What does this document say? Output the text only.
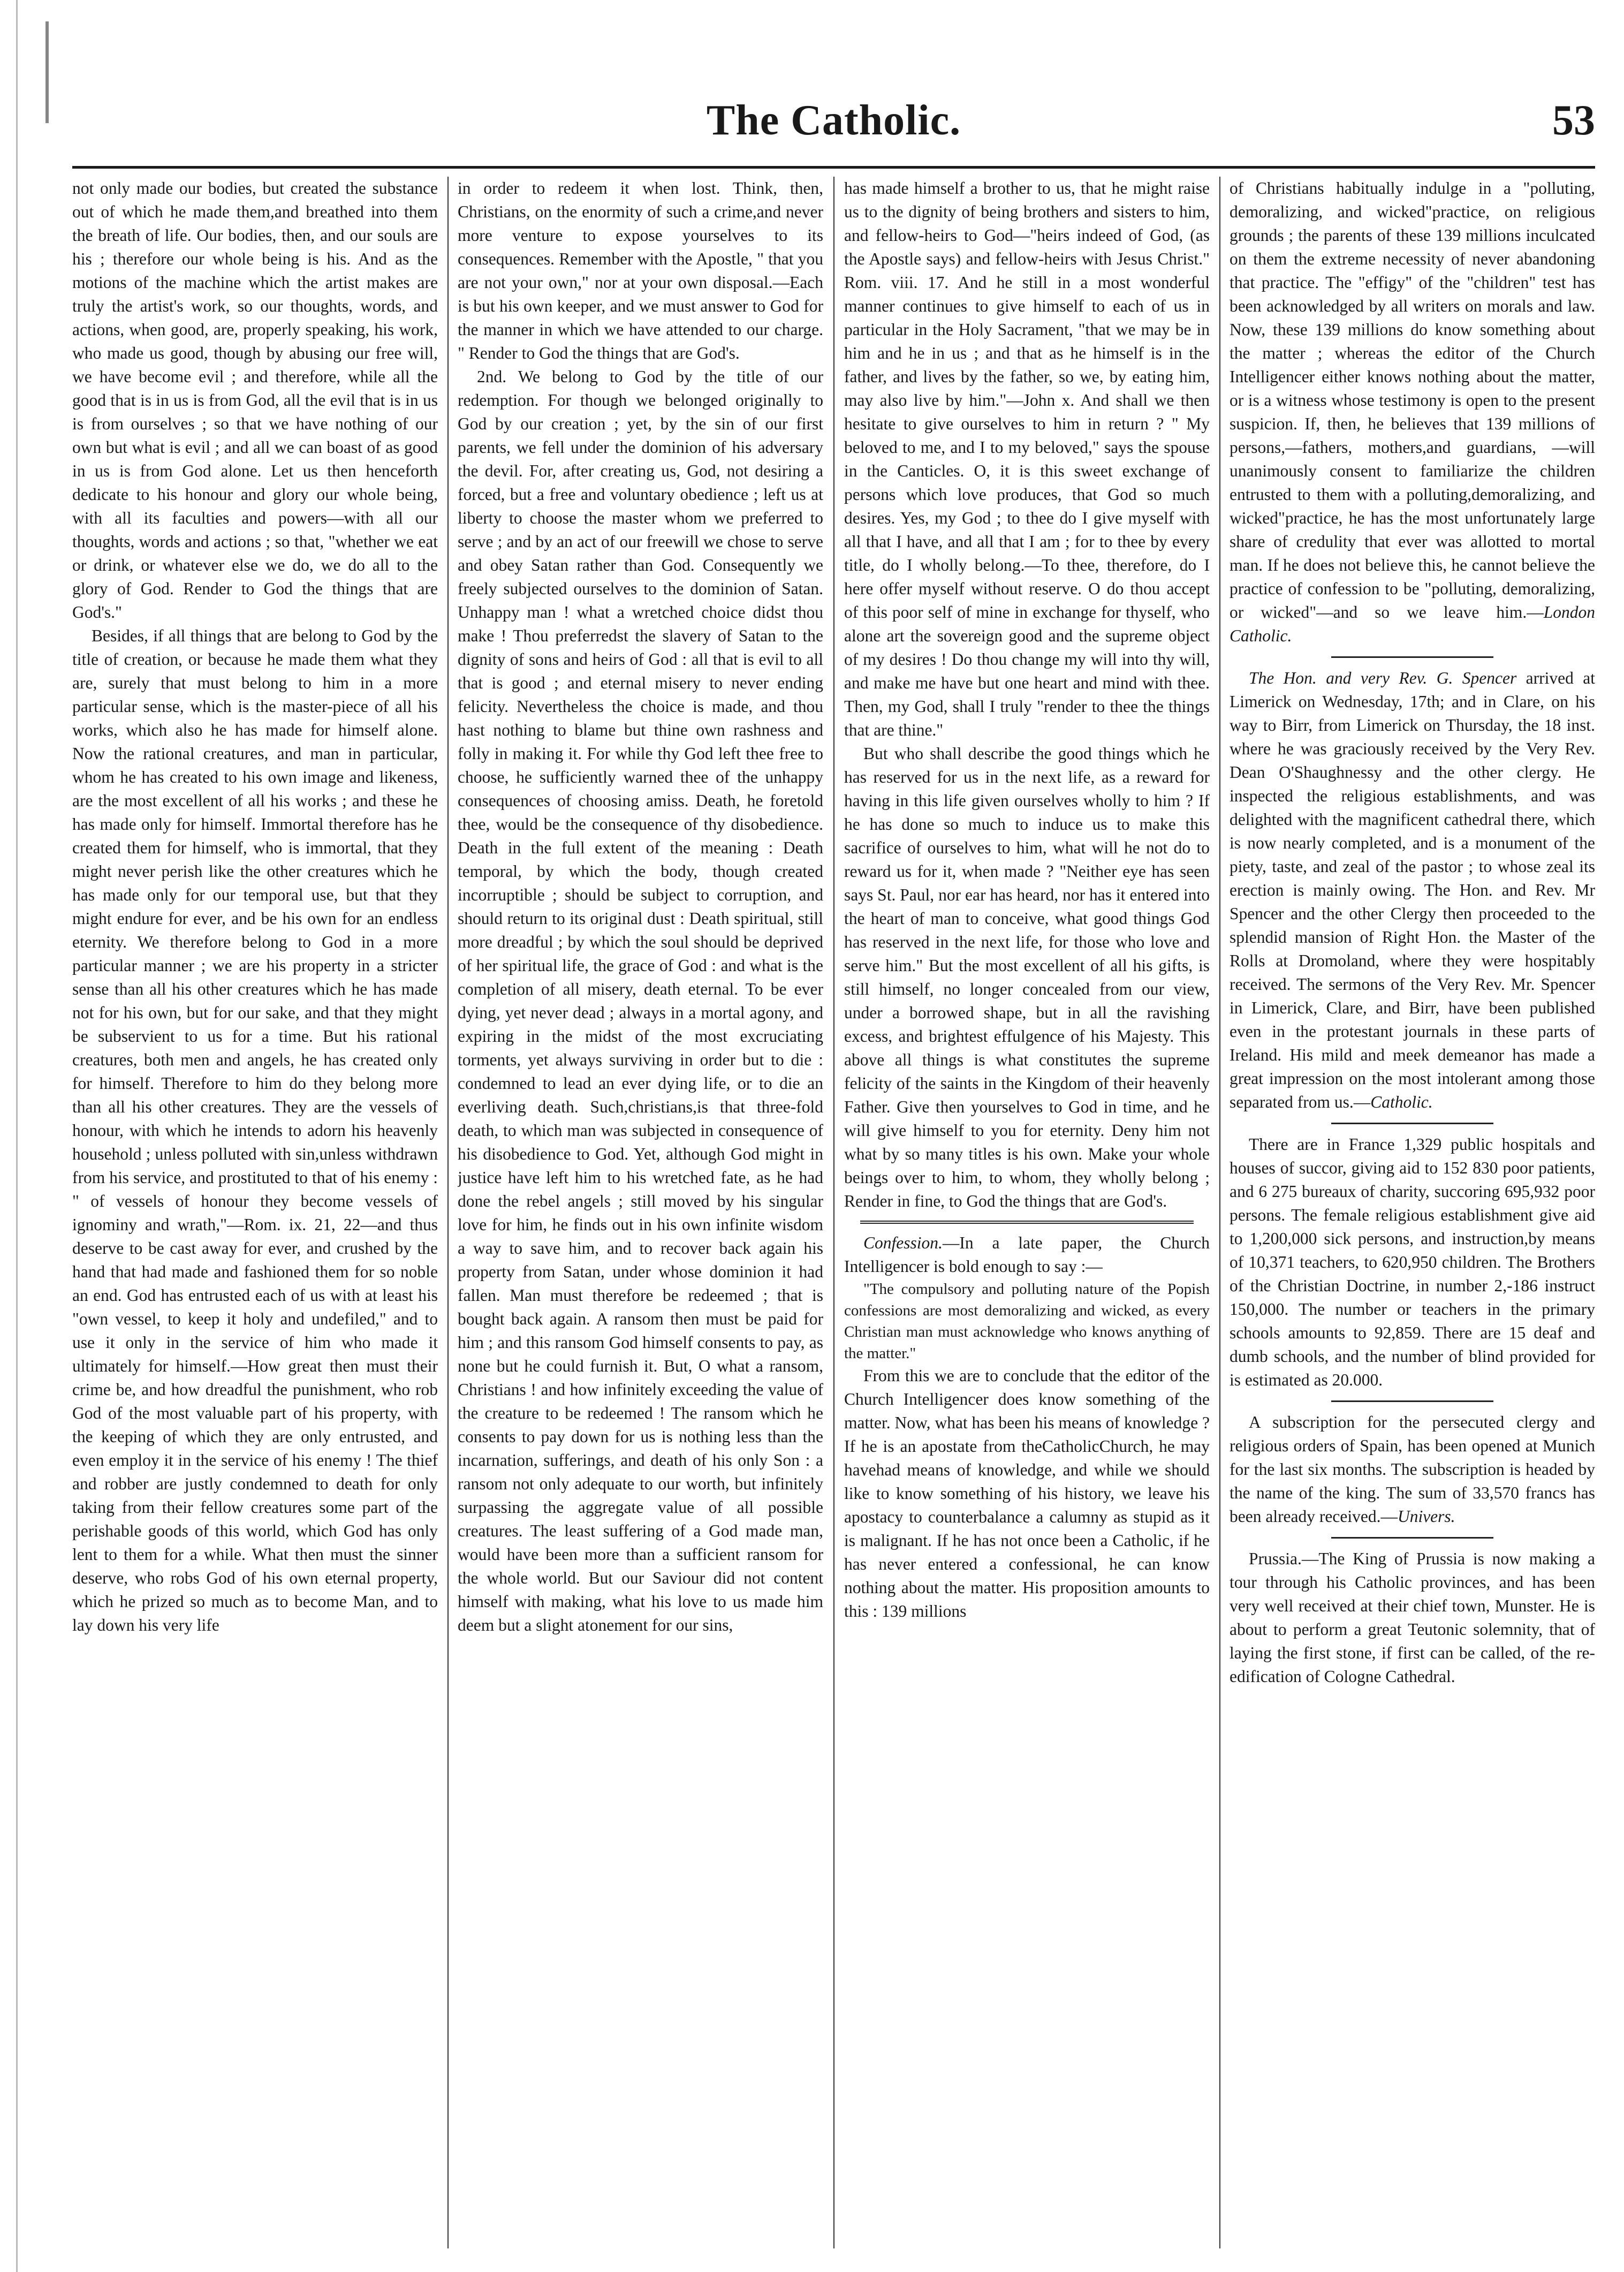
The Catholic.	53

not only made our bodies, but created the substance out of which he made them,and breathed into them the breath of life. Our bodies, then, and our souls are his ; therefore our whole being is his. And as the motions of the machine which the artist makes are truly the artist's work, so our thoughts, words, and actions, when good, are, properly speaking, his work, who made us good, though by abusing our free will, we have become evil ; and therefore, while all the good that is in us is from God, all the evil that is in us is from ourselves ; so that we have nothing of our own but what is evil ; and all we can boast of as good in us is from God alone. Let us then henceforth dedicate to his honour and glory our whole being, with all its faculties and powers—with all our thoughts, words and actions ; so that, "whether we eat or drink, or whatever else we do, we do all to the glory of God. Render to God the things that are God's."

Besides, if all things that are belong to God by the title of creation, or because he made them what they are, surely that must belong to him in a more particular sense, which is the master-piece of all his works, which also he has made for himself alone. Now the rational creatures, and man in particular, whom he has created to his own image and likeness, are the most excellent of all his works ; and these he has made only for himself. Immortal therefore has he created them for himself, who is immortal, that they might never perish like the other creatures which he has made only for our temporal use, but that they might endure for ever, and be his own for an endless eternity. We therefore belong to God in a more particular manner ; we are his property in a stricter sense than all his other creatures which he has made not for his own, but for our sake, and that they might be subservient to us for a time. But his rational creatures, both men and angels, he has created only for himself. Therefore to him do they belong more than all his other creatures. They are the vessels of honour, with which he intends to adorn his heavenly household ; unless polluted with sin,unless withdrawn from his service, and prostituted to that of his enemy : " of vessels of honour they become vessels of ignominy and wrath,"—Rom. ix. 21, 22—and thus deserve to be cast away for ever, and crushed by the hand that had made and fashioned them for so noble an end. God has entrusted each of us with at least his "own vessel, to keep it holy and undefiled," and to use it only in the service of him who made it ultimately for himself.—How great then must their crime be, and how dreadful the punishment, who rob God of the most valuable part of his property, with the keeping of which they are only entrusted, and even employ it in the service of his enemy ! The thief and robber are justly condemned to death for only taking from their fellow creatures some part of the perishable goods of this world, which God has only lent to them for a while. What then must the sinner deserve, who robs God of his own eternal property, which he prized so much as to become Man, and to lay down his very life

in order to redeem it when lost. Think, then, Christians, on the enormity of such a crime,and never more venture to expose yourselves to its consequences. Remember with the Apostle, " that you are not your own," nor at your own disposal.—Each is but his own keeper, and we must answer to God for the manner in which we have attended to our charge. " Render to God the things that are God's.

2nd. We belong to God by the title of our redemption. For though we belonged originally to God by our creation ; yet, by the sin of our first parents, we fell under the dominion of his adversary the devil. For, after creating us, God, not desiring a forced, but a free and voluntary obedience ; left us at liberty to choose the master whom we preferred to serve ; and by an act of our freewill we chose to serve and obey Satan rather than God. Consequently we freely subjected ourselves to the dominion of Satan. Unhappy man ! what a wretched choice didst thou make ! Thou preferredst the slavery of Satan to the dignity of sons and heirs of God : all that is evil to all that is good ; and eternal misery to never ending felicity. Nevertheless the choice is made, and thou hast nothing to blame but thine own rashness and folly in making it. For while thy God left thee free to choose, he sufficiently warned thee of the unhappy consequences of choosing amiss. Death, he foretold thee, would be the consequence of thy disobedience. Death in the full extent of the meaning : Death temporal, by which the body, though created incorruptible ; should be subject to corruption, and should return to its original dust : Death spiritual, still more dreadful ; by which the soul should be deprived of her spiritual life, the grace of God : and what is the completion of all misery, death eternal. To be ever dying, yet never dead ; always in a mortal agony, and expiring in the midst of the most excruciating torments, yet always surviving in order but to die : condemned to lead an ever dying life, or to die an everliving death. Such,christians,is that three-fold death, to which man was subjected in consequence of his disobedience to God. Yet, although God might in justice have left him to his wretched fate, as he had done the rebel angels ; still moved by his singular love for him, he finds out in his own infinite wisdom a way to save him, and to recover back again his property from Satan, under whose dominion it had fallen. Man must therefore be redeemed ; that is bought back again. A ransom then must be paid for him ; and this ransom God himself consents to pay, as none but he could furnish it. But, O what a ransom, Christians ! and how infinitely exceeding the value of the creature to be redeemed ! The ransom which he consents to pay down for us is nothing less than the incarnation, sufferings, and death of his only Son : a ransom not only adequate to our worth, but infinitely surpassing the aggregate value of all possible creatures. The least suffering of a God made man, would have been more than a sufficient ransom for the whole world. But our Saviour did not content himself with making, what his love to us made him deem but a slight atonement for our sins,

has made himself a brother to us, that he might raise us to the dignity of being brothers and sisters to him, and fellow-heirs to God—"heirs indeed of God, (as the Apostle says) and fellow-heirs with Jesus Christ." Rom. viii. 17. And he still in a most wonderful manner continues to give himself to each of us in particular in the Holy Sacrament, "that we may be in him and he in us ; and that as he himself is in the father, and lives by the father, so we, by eating him, may also live by him."—John x. And shall we then hesitate to give ourselves to him in return ? " My beloved to me, and I to my beloved," says the spouse in the Canticles. O, it is this sweet exchange of persons which love produces, that God so much desires. Yes, my God ; to thee do I give myself with all that I have, and all that I am ; for to thee by every title, do I wholly belong.—To thee, therefore, do I here offer myself without reserve. O do thou accept of this poor self of mine in exchange for thyself, who alone art the sovereign good and the supreme object of my desires ! Do thou change my will into thy will, and make me have but one heart and mind with thee. Then, my God, shall I truly "render to thee the things that are thine."

But who shall describe the good things which he has reserved for us in the next life, as a reward for having in this life given ourselves wholly to him ? If he has done so much to induce us to make this sacrifice of ourselves to him, what will he not do to reward us for it, when made ? "Neither eye has seen says St. Paul, nor ear has heard, nor has it entered into the heart of man to conceive, what good things God has reserved in the next life, for those who love and serve him." But the most excellent of all his gifts, is still himself, no longer concealed from our view, under a borrowed shape, but in all the ravishing excess, and brightest effulgence of his Majesty. This above all things is what constitutes the supreme felicity of the saints in the Kingdom of their heavenly Father. Give then yourselves to God in time, and he will give himself to you for eternity. Deny him not what by so many titles is his own. Make your whole beings over to him, to whom, they wholly belong ; Render in fine, to God the things that are God's.

Confession.—In a late paper, the Church Intelligencer is bold enough to say :—

"The compulsory and polluting nature of the Popish confessions are most demoralizing and wicked, as every Christian man must acknowledge who knows anything of the matter."

From this we are to conclude that the editor of the Church Intelligencer does know something of the matter. Now, what has been his means of knowledge ? If he is an apostate from theCatholicChurch, he may havehad means of knowledge, and while we should like to know something of his history, we leave his apostacy to counterbalance a calumny as stupid as it is malignant. If he has not once been a Catholic, if he has never entered a confessional, he can know nothing about the matter. His proposition amounts to this : 139 millions

of Christians habitually indulge in a "polluting, demoralizing, and wicked"practice, on religious grounds ; the parents of these 139 millions inculcated on them the extreme necessity of never abandoning that practice. The "effigy" of the "children" test has been acknowledged by all writers on morals and law. Now, these 139 millions do know something about the matter ; whereas the editor of the Church Intelligencer either knows nothing about the matter, or is a witness whose testimony is open to the present suspicion. If, then, he believes that 139 millions of persons,—fathers, mothers,and guardians, —will unanimously consent to familiarize the children entrusted to them with a polluting,demoralizing, and wicked"practice, he has the most unfortunately large share of credulity that ever was allotted to mortal man. If he does not believe this, he cannot believe the practice of confession to be "polluting, demoralizing, or wicked"—and so we leave him.—London Catholic.

The Hon. and very Rev. G. Spencer arrived at Limerick on Wednesday, 17th; and in Clare, on his way to Birr, from Limerick on Thursday, the 18 inst. where he was graciously received by the Very Rev. Dean O'Shaughnessy and the other clergy. He inspected the religious establishments, and was delighted with the magnificent cathedral there, which is now nearly completed, and is a monument of the piety, taste, and zeal of the pastor ; to whose zeal its erection is mainly owing. The Hon. and Rev. Mr Spencer and the other Clergy then proceeded to the splendid mansion of Right Hon. the Master of the Rolls at Dromoland, where they were hospitably received. The sermons of the Very Rev. Mr. Spencer in Limerick, Clare, and Birr, have been published even in the protestant journals in these parts of Ireland. His mild and meek demeanor has made a great impression on the most intolerant among those separated from us.—Catholic.

There are in France 1,329 public hospitals and houses of succor, giving aid to 152 830 poor patients, and 6 275 bureaux of charity, succoring 695,932 poor persons. The female religious establishment give aid to 1,200,000 sick persons, and instruction,by means of 10,371 teachers, to 620,950 children. The Brothers of the Christian Doctrine, in number 2,-186 instruct 150,000. The number or teachers in the primary schools amounts to 92,859. There are 15 deaf and dumb schools, and the number of blind provided for is estimated as 20.000.

A subscription for the persecuted clergy and religious orders of Spain, has been opened at Munich for the last six months. The subscription is headed by the name of the king. The sum of 33,570 francs has been already received.—Univers.

Prussia.—The King of Prussia is now making a tour through his Catholic provinces, and has been very well received at their chief town, Munster. He is about to perform a great Teutonic solemnity, that of laying the first stone, if first can be called, of the re-edification of Cologne Cathedral.
